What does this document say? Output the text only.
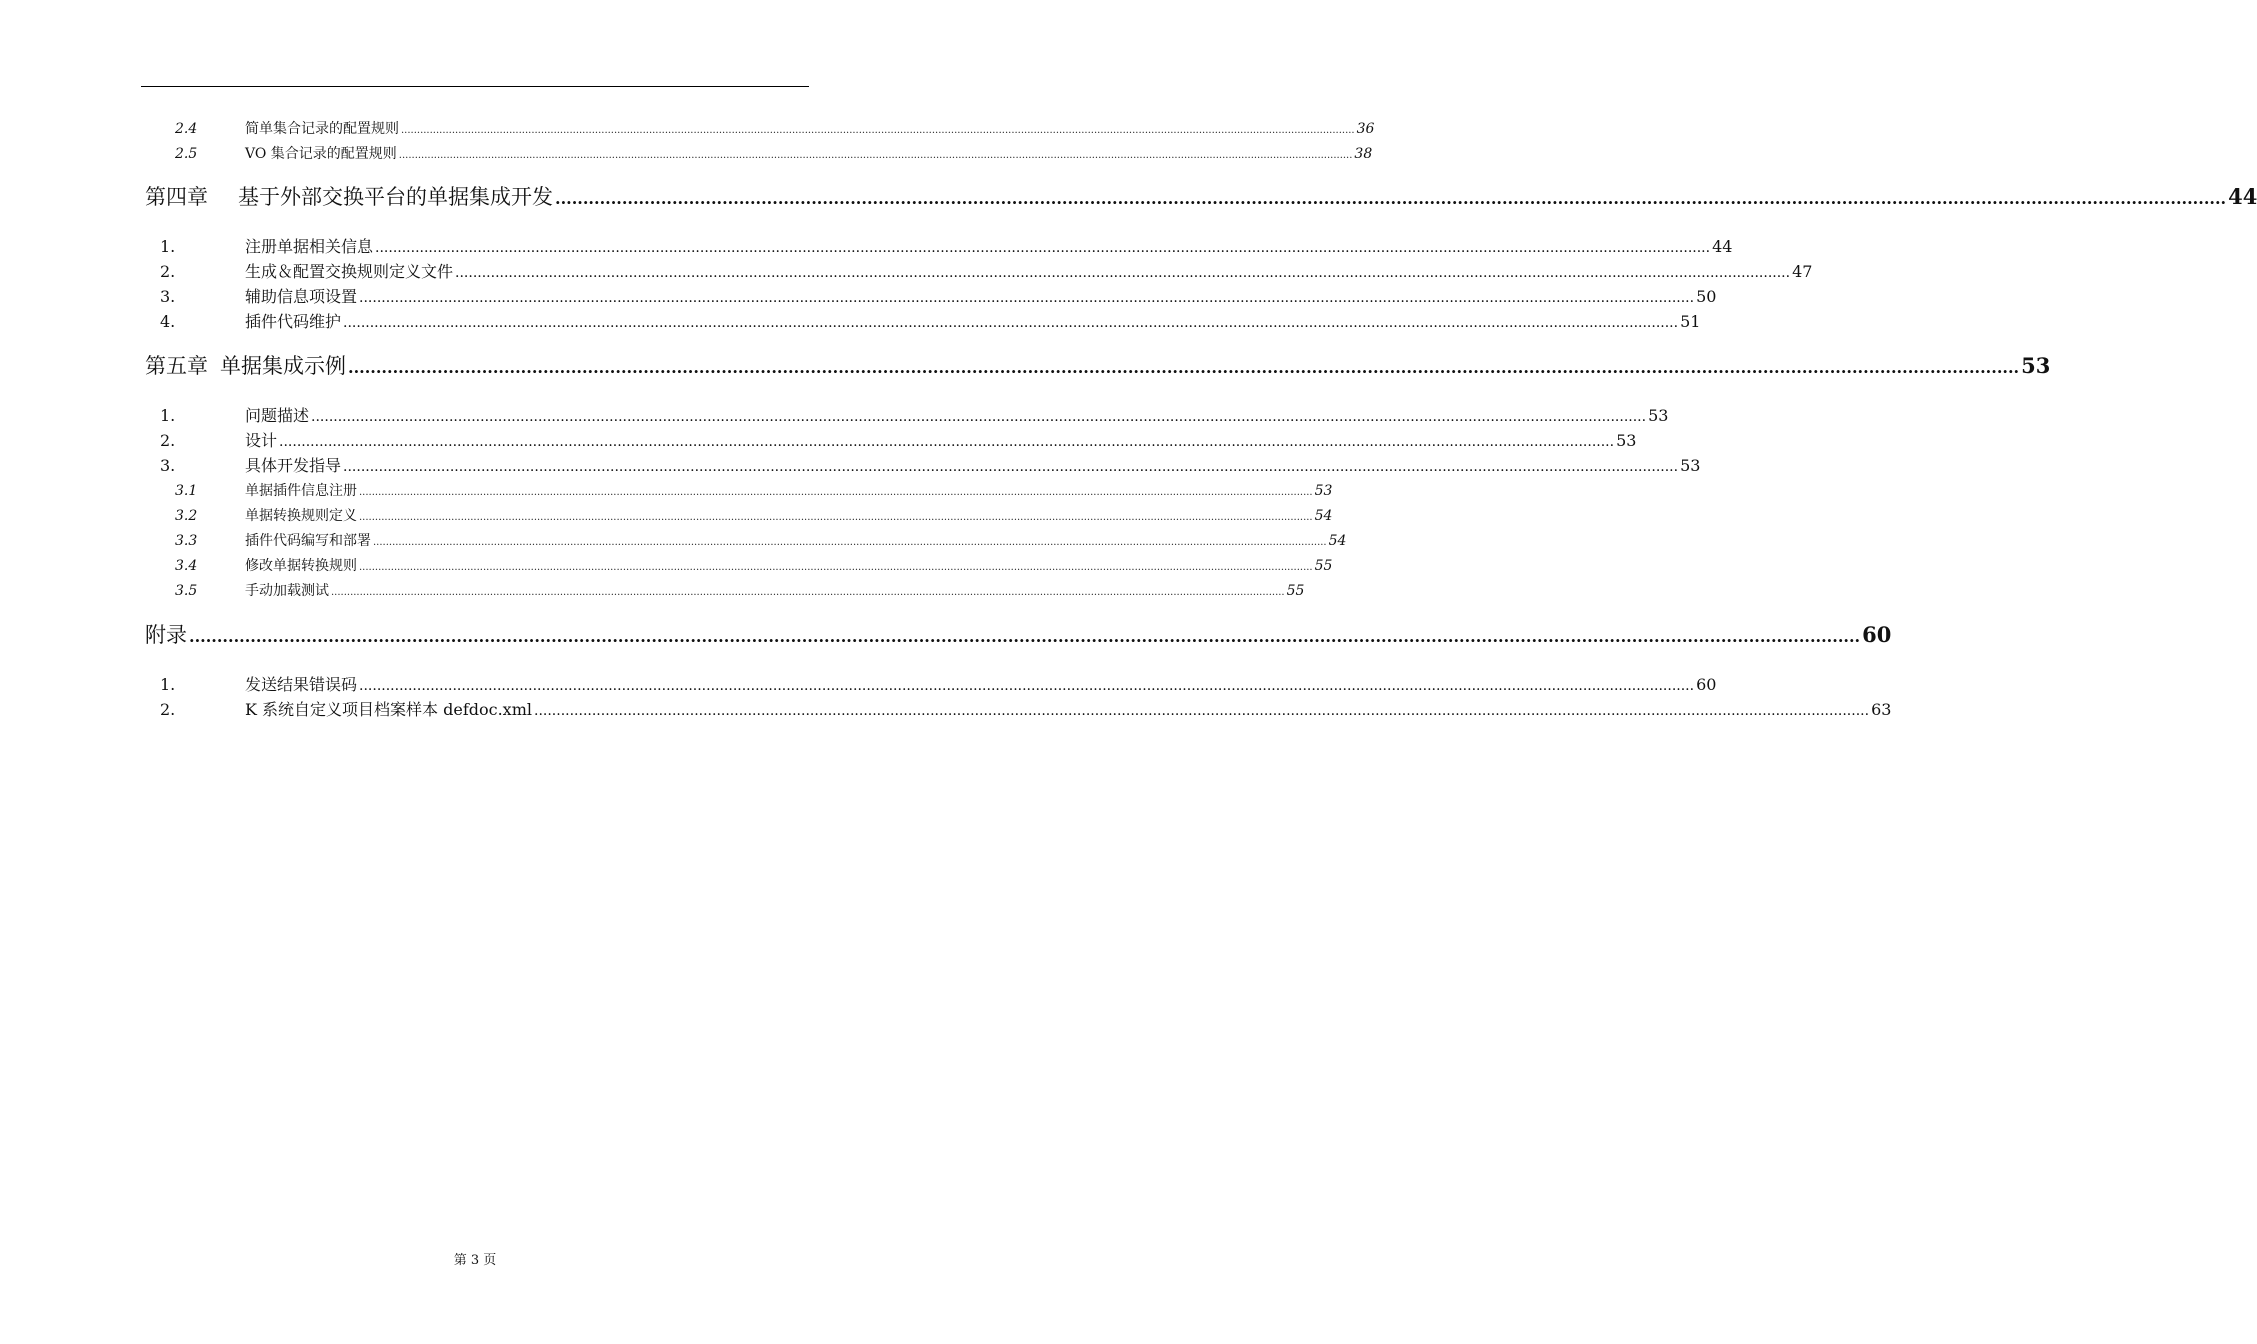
2.4	简单集合记录的配置规则 ............................................................................................................................................................................................................................................................................................................ 36
2.5	VO 集合记录的配置规则 ............................................................................................................................................................................................................................................................................................................ 38
第四章 基于外部交换平台的单据集成开发 ............................................................................................................................................................................................................................................................................................................ 44
1.	注册单据相关信息 ............................................................................................................................................................................................................................................................................................................ 44
2.	生成＆配置交换规则定义文件 ............................................................................................................................................................................................................................................................................................................ 47
3.	辅助信息项设置 ............................................................................................................................................................................................................................................................................................................ 50
4.	插件代码维护 ............................................................................................................................................................................................................................................................................................................ 51
第五章 单据集成示例 ............................................................................................................................................................................................................................................................................................................ 53
1.	问题描述 ............................................................................................................................................................................................................................................................................................................ 53
2.	设计 ............................................................................................................................................................................................................................................................................................................ 53
3.	具体开发指导 ............................................................................................................................................................................................................................................................................................................ 53
3.1	单据插件信息注册 ............................................................................................................................................................................................................................................................................................................ 53
3.2	单据转换规则定义 ............................................................................................................................................................................................................................................................................................................ 54
3.3	插件代码编写和部署 ............................................................................................................................................................................................................................................................................................................ 54
3.4	修改单据转换规则 ............................................................................................................................................................................................................................................................................................................ 55
3.5	手动加载测试 ............................................................................................................................................................................................................................................................................................................ 55
附录 ............................................................................................................................................................................................................................................................................................................ 60
1.	发送结果错误码 ............................................................................................................................................................................................................................................................................................................ 60
2.	K 系统自定义项目档案样本 defdoc.xml ............................................................................................................................................................................................................................................................................................................ 63
第 3 页
